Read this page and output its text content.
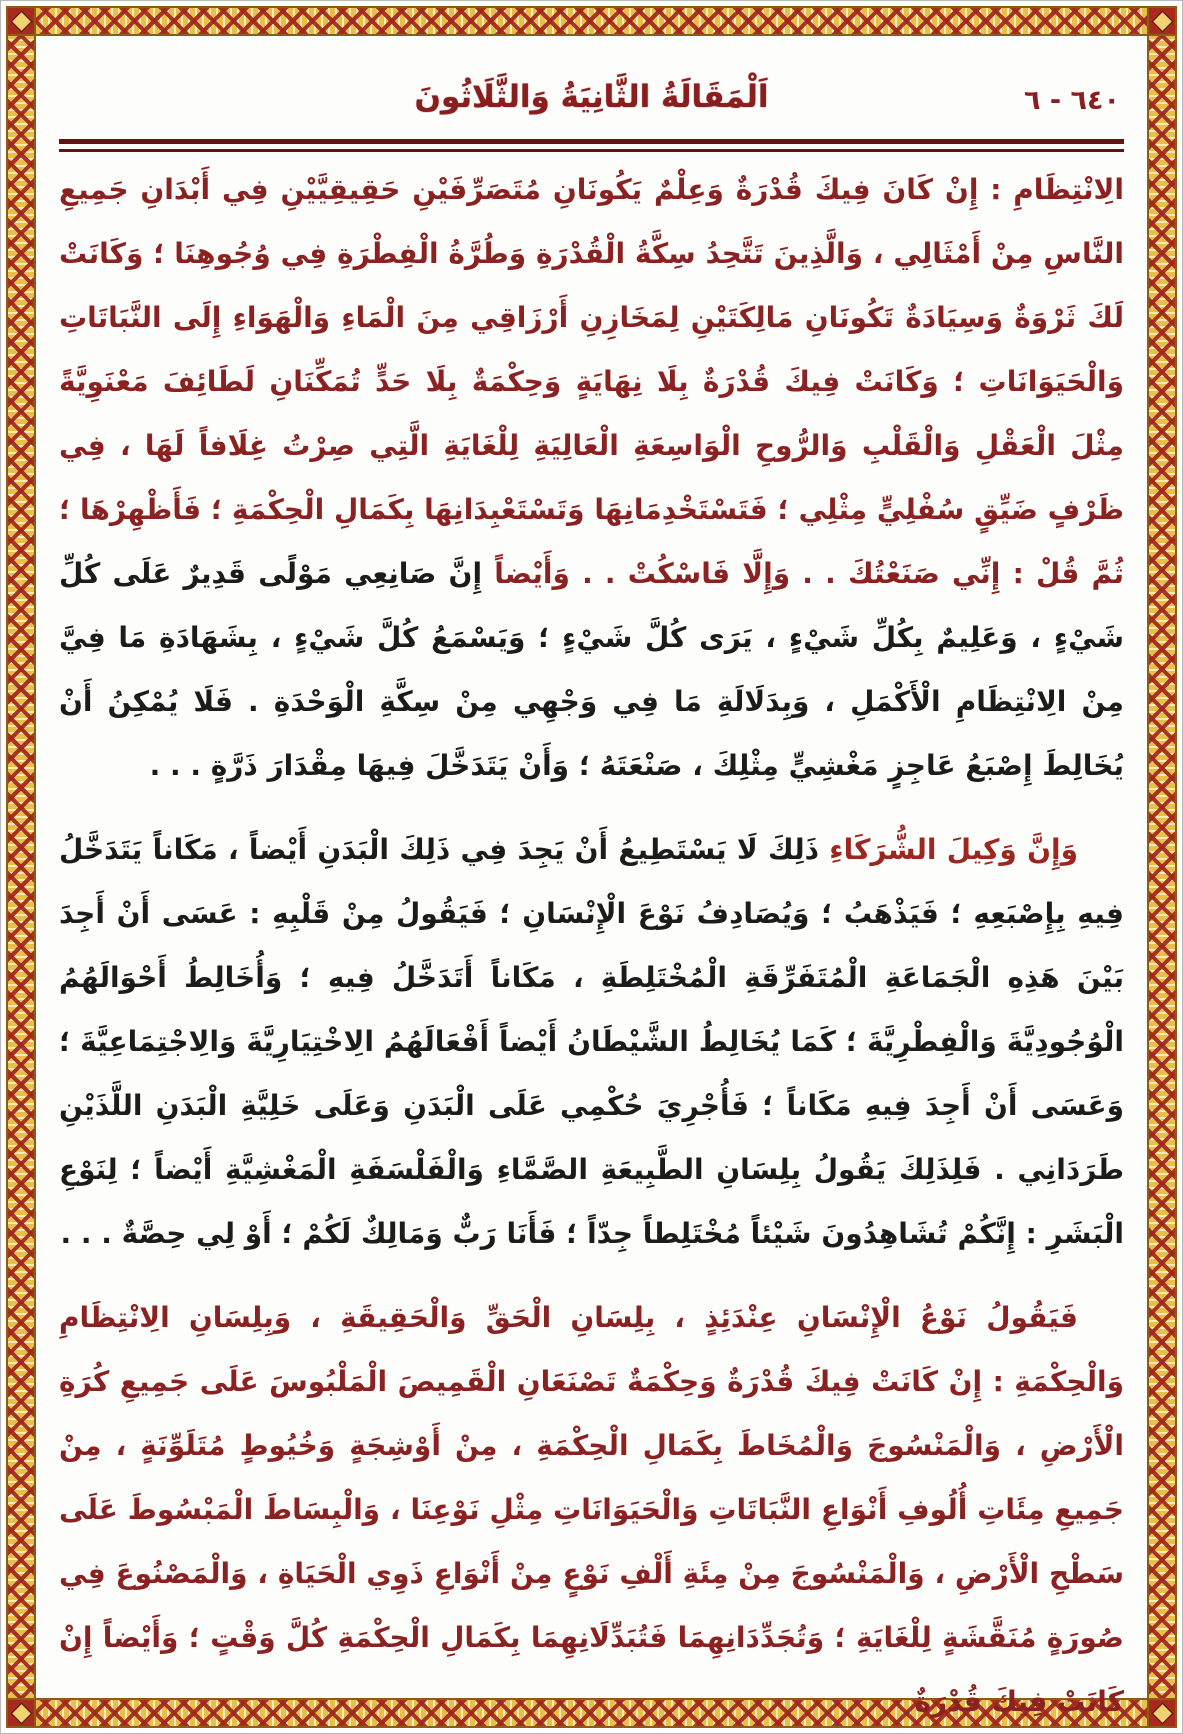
اَلْمَقَالَةُ الثَّانِيَةُ وَالثَّلَاثُونَ	٦٤٠ - ٦

الِانْتِظَامِ : إِنْ كَانَ فِيكَ قُدْرَةٌ وَعِلْمٌ يَكُونَانِ مُتَصَرِّفَيْنِ حَقِيقِيَّيْنِ فِي أَبْدَانِ جَمِيعِ النَّاسِ مِنْ أَمْثَالِي ، وَالَّذِينَ تَتَّحِدُ سِكَّةُ الْقُدْرَةِ وَطُرَّةُ الْفِطْرَةِ فِي وُجُوهِنَا ؛ وَكَانَتْ لَكَ ثَرْوَةٌ وَسِيَادَةٌ تَكُونَانِ مَالِكَتَيْنِ لِمَخَازِنِ أَرْزَاقِي مِنَ الْمَاءِ وَالْهَوَاءِ إِلَى النَّبَاتَاتِ وَالْحَيَوَانَاتِ ؛ وَكَانَتْ فِيكَ قُدْرَةٌ بِلَا نِهَايَةٍ وَحِكْمَةٌ بِلَا حَدٍّ تُمَكِّنَانِ لَطَائِفَ مَعْنَوِيَّةً مِثْلَ الْعَقْلِ وَالْقَلْبِ وَالرُّوحِ الْوَاسِعَةِ الْعَالِيَةِ لِلْغَايَةِ الَّتِي صِرْتُ غِلَافاً لَهَا ، فِي ظَرْفٍ ضَيِّقٍ سُفْلِيٍّ مِثْلِي ؛ فَتَسْتَخْدِمَانِهَا وَتَسْتَعْبِدَانِهَا بِكَمَالِ الْحِكْمَةِ ؛ فَأَظْهِرْهَا ؛ ثُمَّ قُلْ : إِنِّي صَنَعْتُكَ . . وَإِلَّا فَاسْكُتْ . . وَأَيْضاً إِنَّ صَانِعِي مَوْلًى قَدِيرٌ عَلَى كُلِّ شَيْءٍ ، وَعَلِيمٌ بِكُلِّ شَيْءٍ ، يَرَى كُلَّ شَيْءٍ ؛ وَيَسْمَعُ كُلَّ شَيْءٍ ، بِشَهَادَةِ مَا فِيَّ مِنْ الِانْتِظَامِ الْأَكْمَلِ ، وَبِدَلَالَةِ مَا فِي وَجْهِي مِنْ سِكَّةِ الْوَحْدَةِ . فَلَا يُمْكِنُ أَنْ يُخَالِطَ إِصْبَعُ عَاجِزٍ مَغْشِيٍّ مِثْلِكَ ، صَنْعَتَهُ ؛ وَأَنْ يَتَدَخَّلَ فِيهَا مِقْدَارَ ذَرَّةٍ . . .

وَإِنَّ وَكِيلَ الشُّرَكَاءِ ذَلِكَ لَا يَسْتَطِيعُ أَنْ يَجِدَ فِي ذَلِكَ الْبَدَنِ أَيْضاً ، مَكَاناً يَتَدَخَّلُ فِيهِ بِإِصْبَعِهِ ؛ فَيَذْهَبُ ؛ وَيُصَادِفُ نَوْعَ الْإِنْسَانِ ؛ فَيَقُولُ مِنْ قَلْبِهِ : عَسَى أَنْ أَجِدَ بَيْنَ هَذِهِ الْجَمَاعَةِ الْمُتَفَرِّقَةِ الْمُخْتَلِطَةِ ، مَكَاناً أَتَدَخَّلُ فِيهِ ؛ وَأُخَالِطُ أَحْوَالَهُمُ الْوُجُودِيَّةَ وَالْفِطْرِيَّةَ ؛ كَمَا يُخَالِطُ الشَّيْطَانُ أَيْضاً أَفْعَالَهُمُ الِاخْتِيَارِيَّةَ وَالِاجْتِمَاعِيَّةَ ؛ وَعَسَى أَنْ أَجِدَ فِيهِ مَكَاناً ؛ فَأُجْرِيَ حُكْمِي عَلَى الْبَدَنِ وَعَلَى خَلِيَّةِ الْبَدَنِ اللَّذَيْنِ طَرَدَانِي . فَلِذَلِكَ يَقُولُ بِلِسَانِ الطَّبِيعَةِ الصَّمَّاءِ وَالْفَلْسَفَةِ الْمَغْشِيَّةِ أَيْضاً ؛ لِنَوْعِ الْبَشَرِ : إِنَّكُمْ تُشَاهِدُونَ شَيْئاً مُخْتَلِطاً جِدّاً ؛ فَأَنَا رَبٌّ وَمَالِكٌ لَكُمْ ؛ أَوْ لِي حِصَّةٌ . . .

فَيَقُولُ نَوْعُ الْإِنْسَانِ عِنْدَئِذٍ ، بِلِسَانِ الْحَقِّ وَالْحَقِيقَةِ ، وَبِلِسَانِ الِانْتِظَامِ وَالْحِكْمَةِ : إِنْ كَانَتْ فِيكَ قُدْرَةٌ وَحِكْمَةٌ تَصْنَعَانِ الْقَمِيصَ الْمَلْبُوسَ عَلَى جَمِيعِ كُرَةِ الْأَرْضِ ، وَالْمَنْسُوجَ وَالْمُخَاطَ بِكَمَالِ الْحِكْمَةِ ، مِنْ أَوْشِجَةٍ وَخُيُوطٍ مُتَلَوِّنَةٍ ، مِنْ جَمِيعِ مِئَاتِ أُلُوفِ أَنْوَاعِ النَّبَاتَاتِ وَالْحَيَوَانَاتِ مِثْلِ نَوْعِنَا ، وَالْبِسَاطَ الْمَبْسُوطَ عَلَى سَطْحِ الْأَرْضِ ، وَالْمَنْسُوجَ مِنْ مِئَةِ أَلْفِ نَوْعٍ مِنْ أَنْوَاعِ ذَوِي الْحَيَاةِ ، وَالْمَصْنُوعَ فِي صُورَةٍ مُنَقَّشَةٍ لِلْغَايَةِ ؛ وَتُجَدِّدَانِهِمَا فَتُبَدِّلَانِهِمَا بِكَمَالِ الْحِكْمَةِ كُلَّ وَقْتٍ ؛ وَأَيْضاً إِنْ كَانَتْ فِيكَ قُدْرَةٌ
